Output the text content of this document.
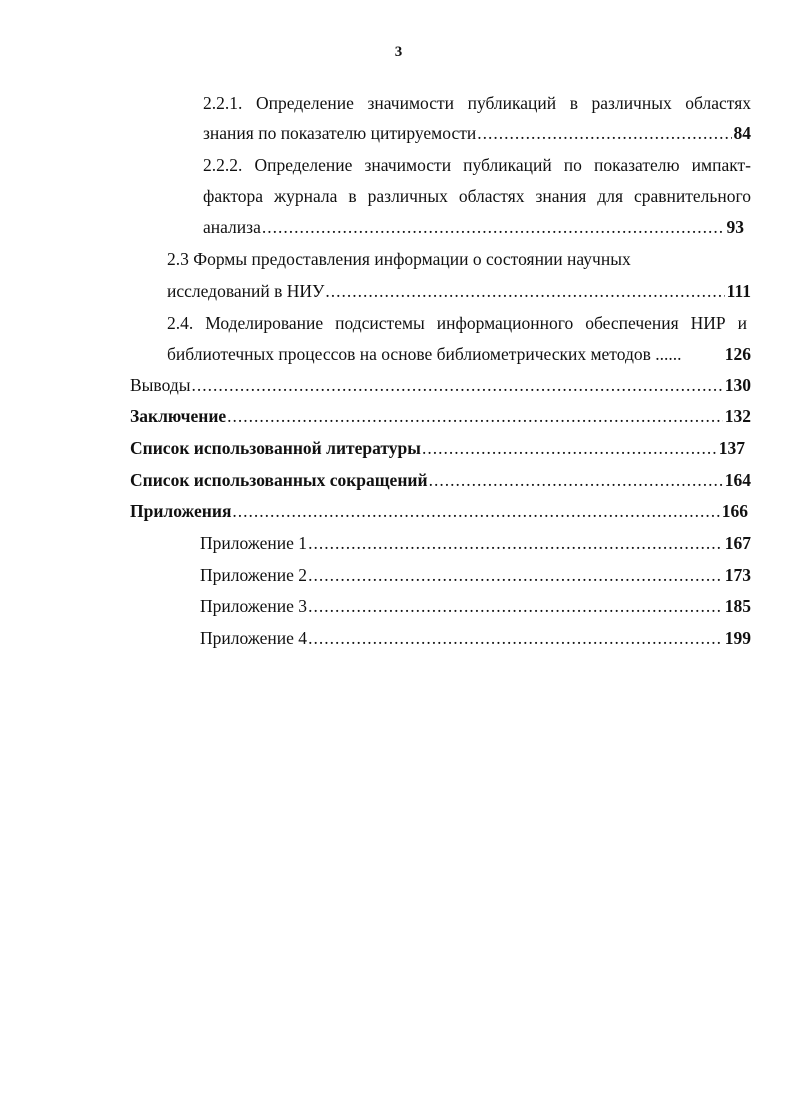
3
2.2.1. Определение значимости публикаций в различных областях
знания по показателю цитируемости .....	84
2.2.2. Определение значимости публикаций по показателю импакт-
фактора журнала в различных областях знания для сравнительного
анализа .....	93
2.3 Формы предоставления информации о состоянии научных
исследований в НИУ .....	111
2.4. Моделирование подсистемы информационного обеспечения НИР и
библиотечных процессов на основе библиометрических методов ...... 126
Выводы .....	130
Заключение .....	132
Список использованной литературы .....	137
Список использованных сокращений .....	164
Приложения .....	166
Приложение 1 .....	167
Приложение 2 .....	173
Приложение 3 .....	185
Приложение 4 .....	199
